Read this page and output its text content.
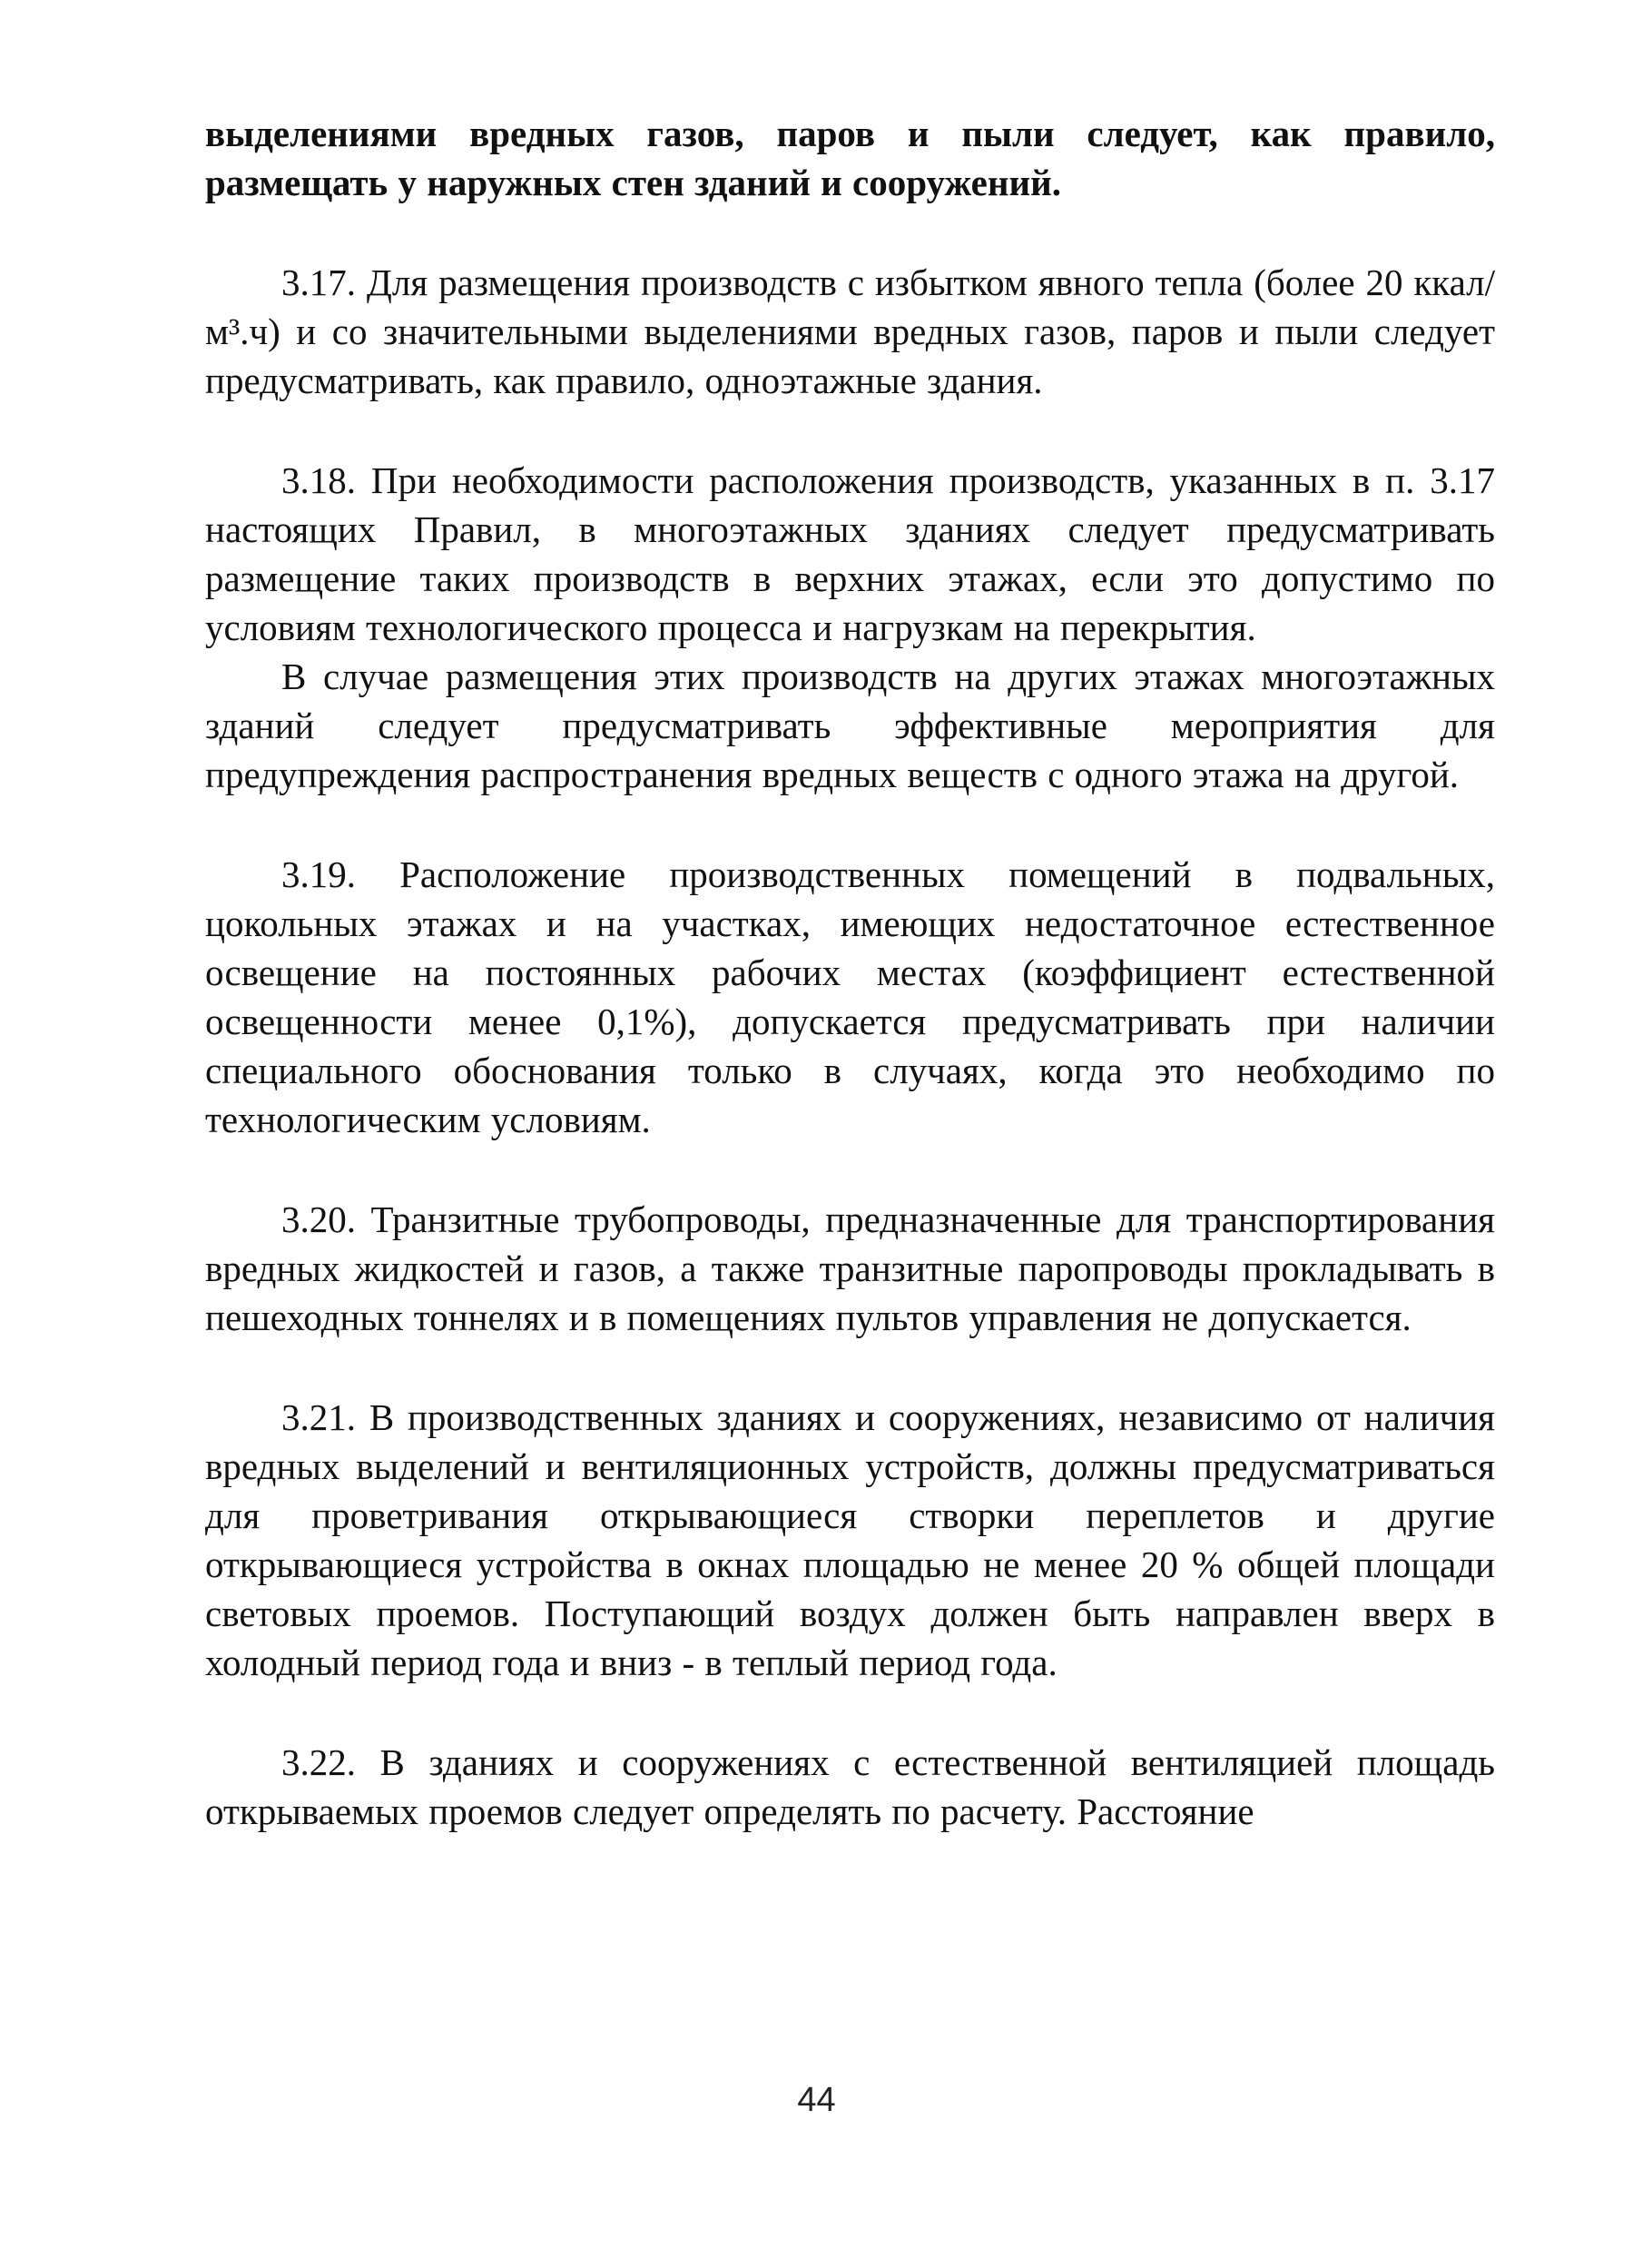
выделениями вредных газов, паров и пыли следует, как правило, размещать у наружных стен зданий и сооружений.

3.17. Для размещения производств с избытком явного тепла (более 20 ккал/м³.ч) и со значительными выделениями вредных газов, паров и пыли следует предусматривать, как правило, одноэтажные здания.

3.18. При необходимости расположения производств, указанных в п. 3.17 настоящих Правил, в многоэтажных зданиях следует предусматривать размещение таких производств в верхних этажах, если это допустимо по условиям технологического процесса и нагрузкам на перекрытия.

В случае размещения этих производств на других этажах многоэтажных зданий следует предусматривать эффективные мероприятия для предупреждения распространения вредных веществ с одного этажа на другой.

3.19. Расположение производственных помещений в подвальных, цокольных этажах и на участках, имеющих недостаточное естественное освещение на постоянных рабочих местах (коэффициент естественной освещенности менее 0,1%), допускается предусматривать при наличии специального обоснования только в случаях, когда это необходимо по технологическим условиям.

3.20. Транзитные трубопроводы, предназначенные для транспортирования вредных жидкостей и газов, а также транзитные паропроводы прокладывать в пешеходных тоннелях и в помещениях пультов управления не допускается.

3.21. В производственных зданиях и сооружениях, независимо от наличия вредных выделений и вентиляционных устройств, должны предусматриваться для проветривания открывающиеся створки переплетов и другие открывающиеся устройства в окнах площадью не менее 20 % общей площади световых проемов. Поступающий воздух должен быть направлен вверх в холодный период года и вниз - в теплый период года.

3.22. В зданиях и сооружениях с естественной вентиляцией площадь открываемых проемов следует определять по расчету. Расстояние

44
